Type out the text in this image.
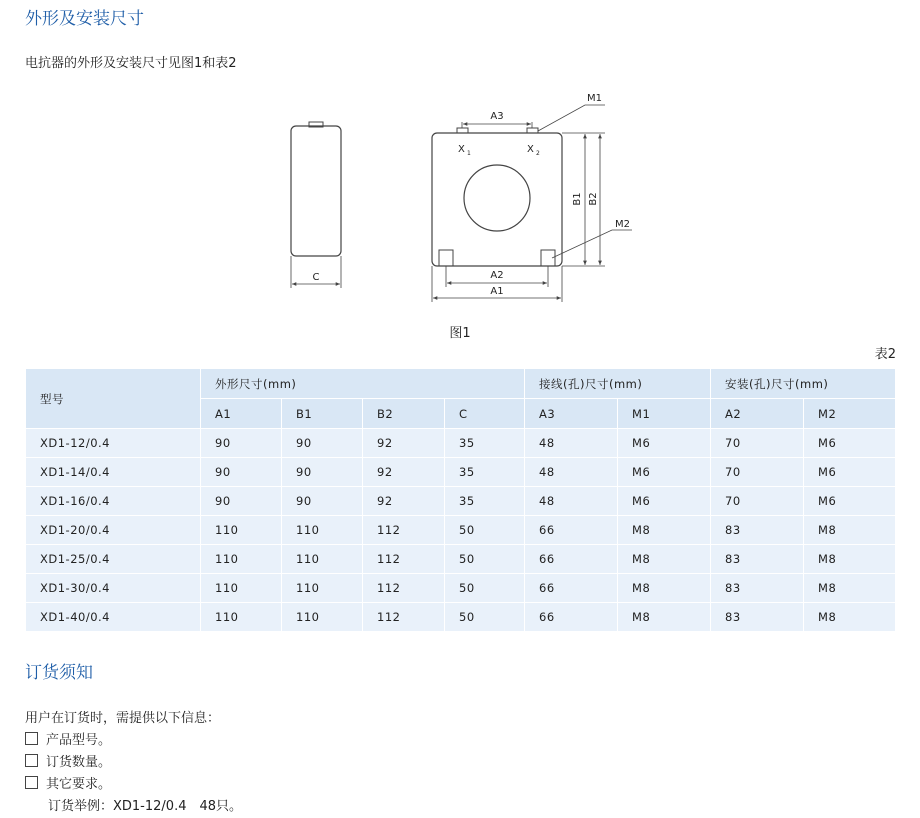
外形及安装尺寸
电抗器的外形及安装尺寸见图1和表2
C
A3
M1
X 1	X 2
B1 B2
M2
A2
A1
图1
表2
型号	外形尺寸(mm)				接线(孔)尺寸(mm)		安装(孔)尺寸(mm)	
	A1	B1	B2	C	A3	M1	A2	M2
XD1-12/0.4	90	90	92	35	48	M6	70	M6
XD1-14/0.4	90	90	92	35	48	M6	70	M6
XD1-16/0.4	90	90	92	35	48	M6	70	M6
XD1-20/0.4	110	110	112	50	66	M8	83	M8
XD1-25/0.4	110	110	112	50	66	M8	83	M8
XD1-30/0.4	110	110	112	50	66	M8	83	M8
XD1-40/0.4	110	110	112	50	66	M8	83	M8
订货须知
用户在订货时，需提供以下信息：
产品型号。
订货数量。
其它要求。
订货举例：XD1-12/0.4　48只。
